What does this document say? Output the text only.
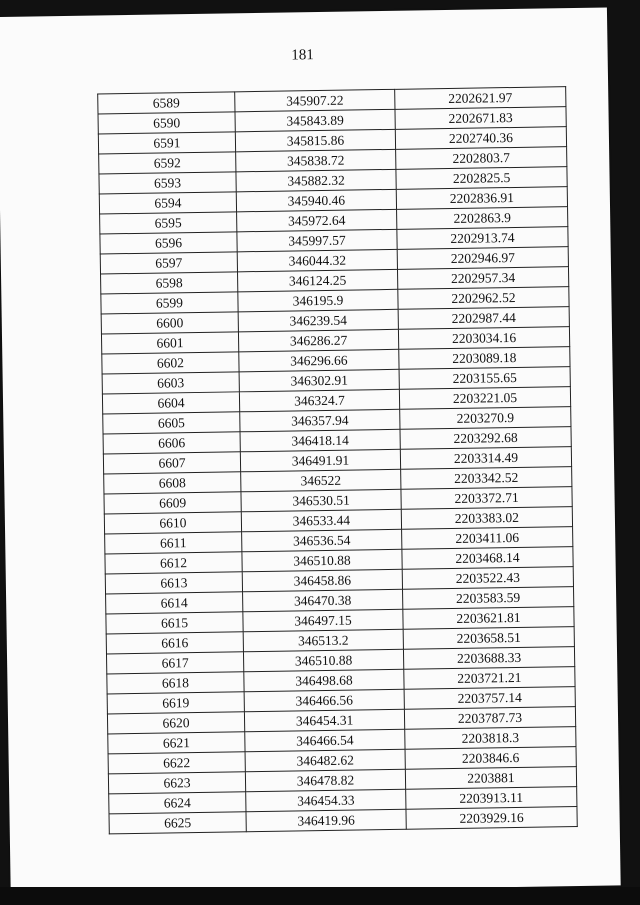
181
6589	345907.22	2202621.97
6590	345843.89	2202671.83
6591	345815.86	2202740.36
6592	345838.72	2202803.7
6593	345882.32	2202825.5
6594	345940.46	2202836.91
6595	345972.64	2202863.9
6596	345997.57	2202913.74
6597	346044.32	2202946.97
6598	346124.25	2202957.34
6599	346195.9	2202962.52
6600	346239.54	2202987.44
6601	346286.27	2203034.16
6602	346296.66	2203089.18
6603	346302.91	2203155.65
6604	346324.7	2203221.05
6605	346357.94	2203270.9
6606	346418.14	2203292.68
6607	346491.91	2203314.49
6608	346522	2203342.52
6609	346530.51	2203372.71
6610	346533.44	2203383.02
6611	346536.54	2203411.06
6612	346510.88	2203468.14
6613	346458.86	2203522.43
6614	346470.38	2203583.59
6615	346497.15	2203621.81
6616	346513.2	2203658.51
6617	346510.88	2203688.33
6618	346498.68	2203721.21
6619	346466.56	2203757.14
6620	346454.31	2203787.73
6621	346466.54	2203818.3
6622	346482.62	2203846.6
6623	346478.82	2203881
6624	346454.33	2203913.11
6625	346419.96	2203929.16
